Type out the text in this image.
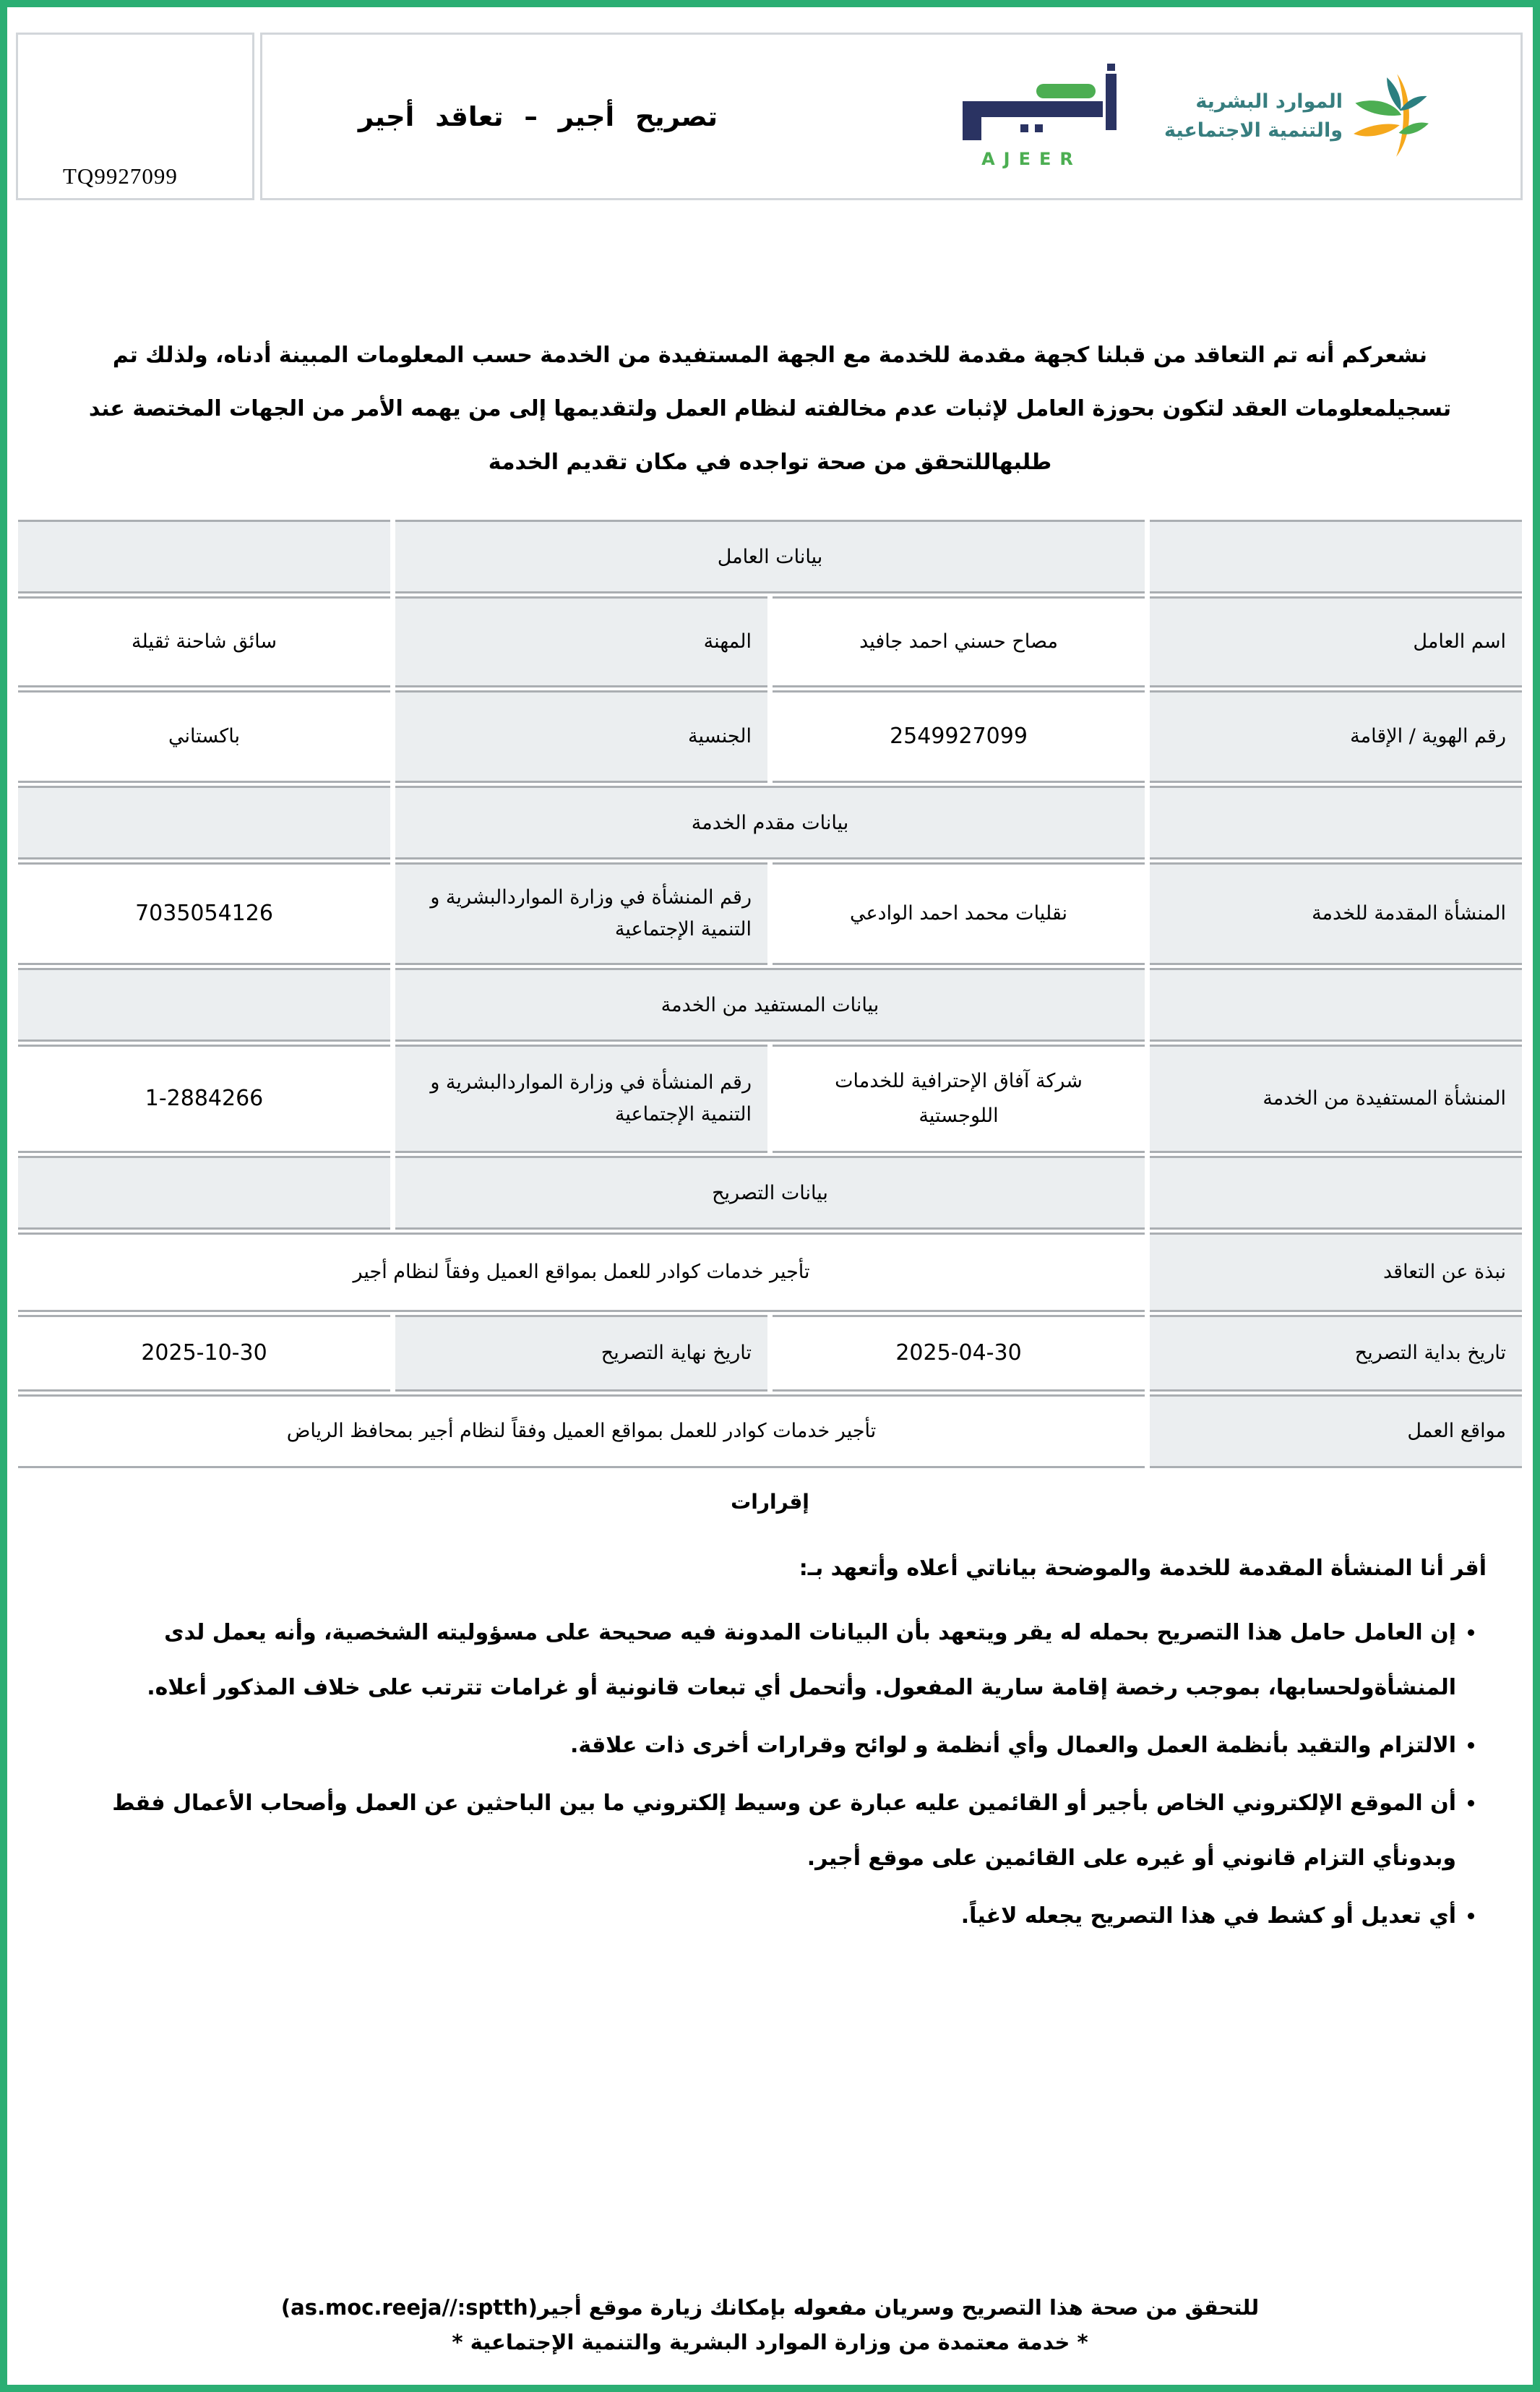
TQ9927099
الموارد البشرية
والتنمية الاجتماعية
AJEER
تصريح أجير – تعاقد أجير

نشعركم أنه تم التعاقد من قبلنا كجهة مقدمة للخدمة مع الجهة المستفيدة من الخدمة حسب المعلومات المبينة أدناه، ولذلك تم تسجيلمعلومات العقد لتكون بحوزة العامل لإثبات عدم مخالفته لنظام العمل ولتقديمها إلى من يهمه الأمر من الجهات المختصة عند طلبهاللتحقق من صحة تواجده في مكان تقديم الخدمة

	بيانات العامل		
اسم العامل	مصاح حسني احمد جافيد	المهنة	سائق شاحنة ثقيلة
رقم الهوية / الإقامة	2549927099	الجنسية	باكستاني
	بيانات مقدم الخدمة		
المنشأة المقدمة للخدمة	نقليات محمد احمد الوادعي	رقم المنشأة في وزارة المواردالبشرية و التنمية الإجتماعية	7035054126
	بيانات المستفيد من الخدمة		
المنشأة المستفيدة من الخدمة	شركة آفاق الإحترافية للخدمات اللوجستية	رقم المنشأة في وزارة المواردالبشرية و التنمية الإجتماعية	1-2884266
	بيانات التصريح		
نبذة عن التعاقد	تأجير خدمات كوادر للعمل بمواقع العميل وفقاً لنظام أجير		
تاريخ بداية التصريح	2025-04-30	تاريخ نهاية التصريح	2025-10-30
مواقع العمل	تأجير خدمات كوادر للعمل بمواقع العميل وفقاً لنظام أجير بمحافظ الرياض		
إقرارات

أقر أنا المنشأة المقدمة للخدمة والموضحة بياناتي أعلاه وأتعهد بـ:

• إن العامل حامل هذا التصريح بحمله له يقر ويتعهد بأن البيانات المدونة فيه صحيحة على مسؤوليته الشخصية، وأنه يعمل لدى المنشأةولحسابها، بموجب رخصة إقامة سارية المفعول. وأتحمل أي تبعات قانونية أو غرامات تترتب على خلاف المذكور أعلاه.
• الالتزام والتقيد بأنظمة العمل والعمال وأي أنظمة و لوائح وقرارات أخرى ذات علاقة.
• أن الموقع الإلكتروني الخاص بأجير أو القائمين عليه عبارة عن وسيط إلكتروني ما بين الباحثين عن العمل وأصحاب الأعمال فقط وبدونأي التزام قانوني أو غيره على القائمين على موقع أجير.
• أي تعديل أو كشط في هذا التصريح يجعله لاغياً.
للتحقق من صحة هذا التصريح وسريان مفعوله بإمكانك زيارة موقع أجير(as.moc.reeja//:sptth)
* خدمة معتمدة من وزارة الموارد البشرية والتنمية الإجتماعية *
